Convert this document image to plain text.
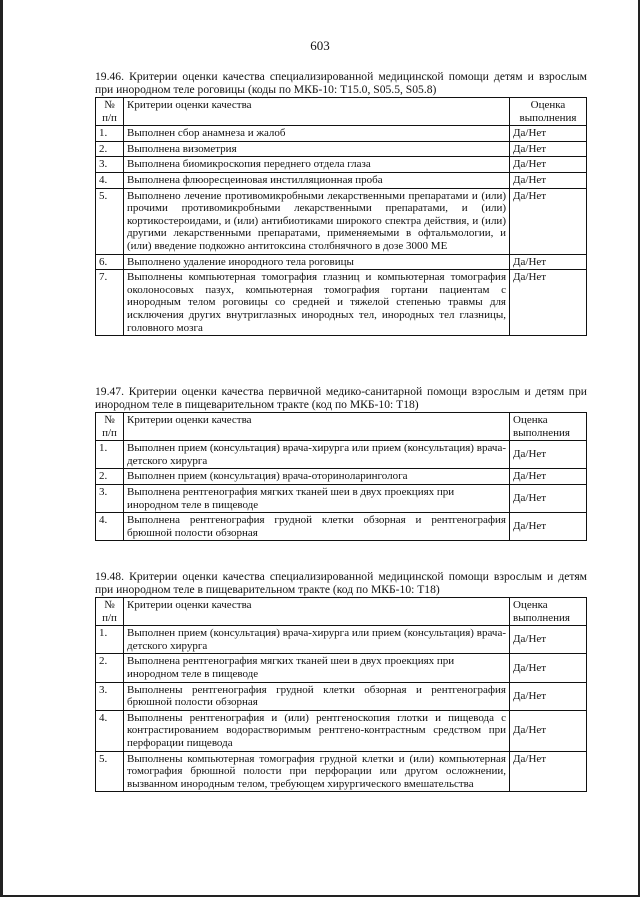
603

19.46. Критерии оценки качества специализированной медицинской помощи детям и взрослым при инородном теле роговицы (коды по МКБ-10: T15.0, S05.5, S05.8)

№ п/п	Критерии оценки качества	Оценка выполнения
1.	Выполнен сбор анамнеза и жалоб	Да/Нет
2.	Выполнена визометрия	Да/Нет
3.	Выполнена биомикроскопия переднего отдела глаза	Да/Нет
4.	Выполнена флюоресцеиновая инстилляционная проба	Да/Нет
5.	Выполнено лечение противомикробными лекарственными препаратами и (или) прочими противомикробными лекарственными препаратами, и (или) кортикостероидами, и (или) антибиотиками широкого спектра действия, и (или) другими лекарственными препаратами, применяемыми в офтальмологии, и (или) введение подкожно антитоксина столбнячного в дозе 3000 МЕ	Да/Нет
6.	Выполнено удаление инородного тела роговицы	Да/Нет
7.	Выполнены компьютерная томография глазниц и компьютерная томография околоносовых пазух, компьютерная томография гортани пациентам с инородным телом роговицы со средней и тяжелой степенью травмы для исключения других внутриглазных инородных тел, инородных тел глазницы, головного мозга	Да/Нет

19.47. Критерии оценки качества первичной медико-санитарной помощи взрослым и детям при инородном теле в пищеварительном тракте (код по МКБ-10: T18)

№ п/п	Критерии оценки качества	Оценка выполнения
1.	Выполнен прием (консультация) врача-хирурга или прием (консультация) врача-детского хирурга	Да/Нет
2.	Выполнен прием (консультация) врача-оториноларинголога	Да/Нет
3.	Выполнена рентгенография мягких тканей шеи в двух проекциях при инородном теле в пищеводе	Да/Нет
4.	Выполнена рентгенография грудной клетки обзорная и рентгенография брюшной полости обзорная	Да/Нет

19.48. Критерии оценки качества специализированной медицинской помощи взрослым и детям при инородном теле в пищеварительном тракте (код по МКБ-10: T18)

№ п/п	Критерии оценки качества	Оценка выполнения
1.	Выполнен прием (консультация) врача-хирурга или прием (консультация) врача-детского хирурга	Да/Нет
2.	Выполнена рентгенография мягких тканей шеи в двух проекциях при инородном теле в пищеводе	Да/Нет
3.	Выполнены рентгенография грудной клетки обзорная и рентгенография брюшной полости обзорная	Да/Нет
4.	Выполнены рентгенография и (или) рентгеноскопия глотки и пищевода с контрастированием водорастворимым рентгено-контрастным средством при перфорации пищевода	Да/Нет
5.	Выполнены компьютерная томография грудной клетки и (или) компьютерная томография брюшной полости при перфорации или другом осложнении, вызванном инородным телом, требующем хирургического вмешательства	Да/Нет
